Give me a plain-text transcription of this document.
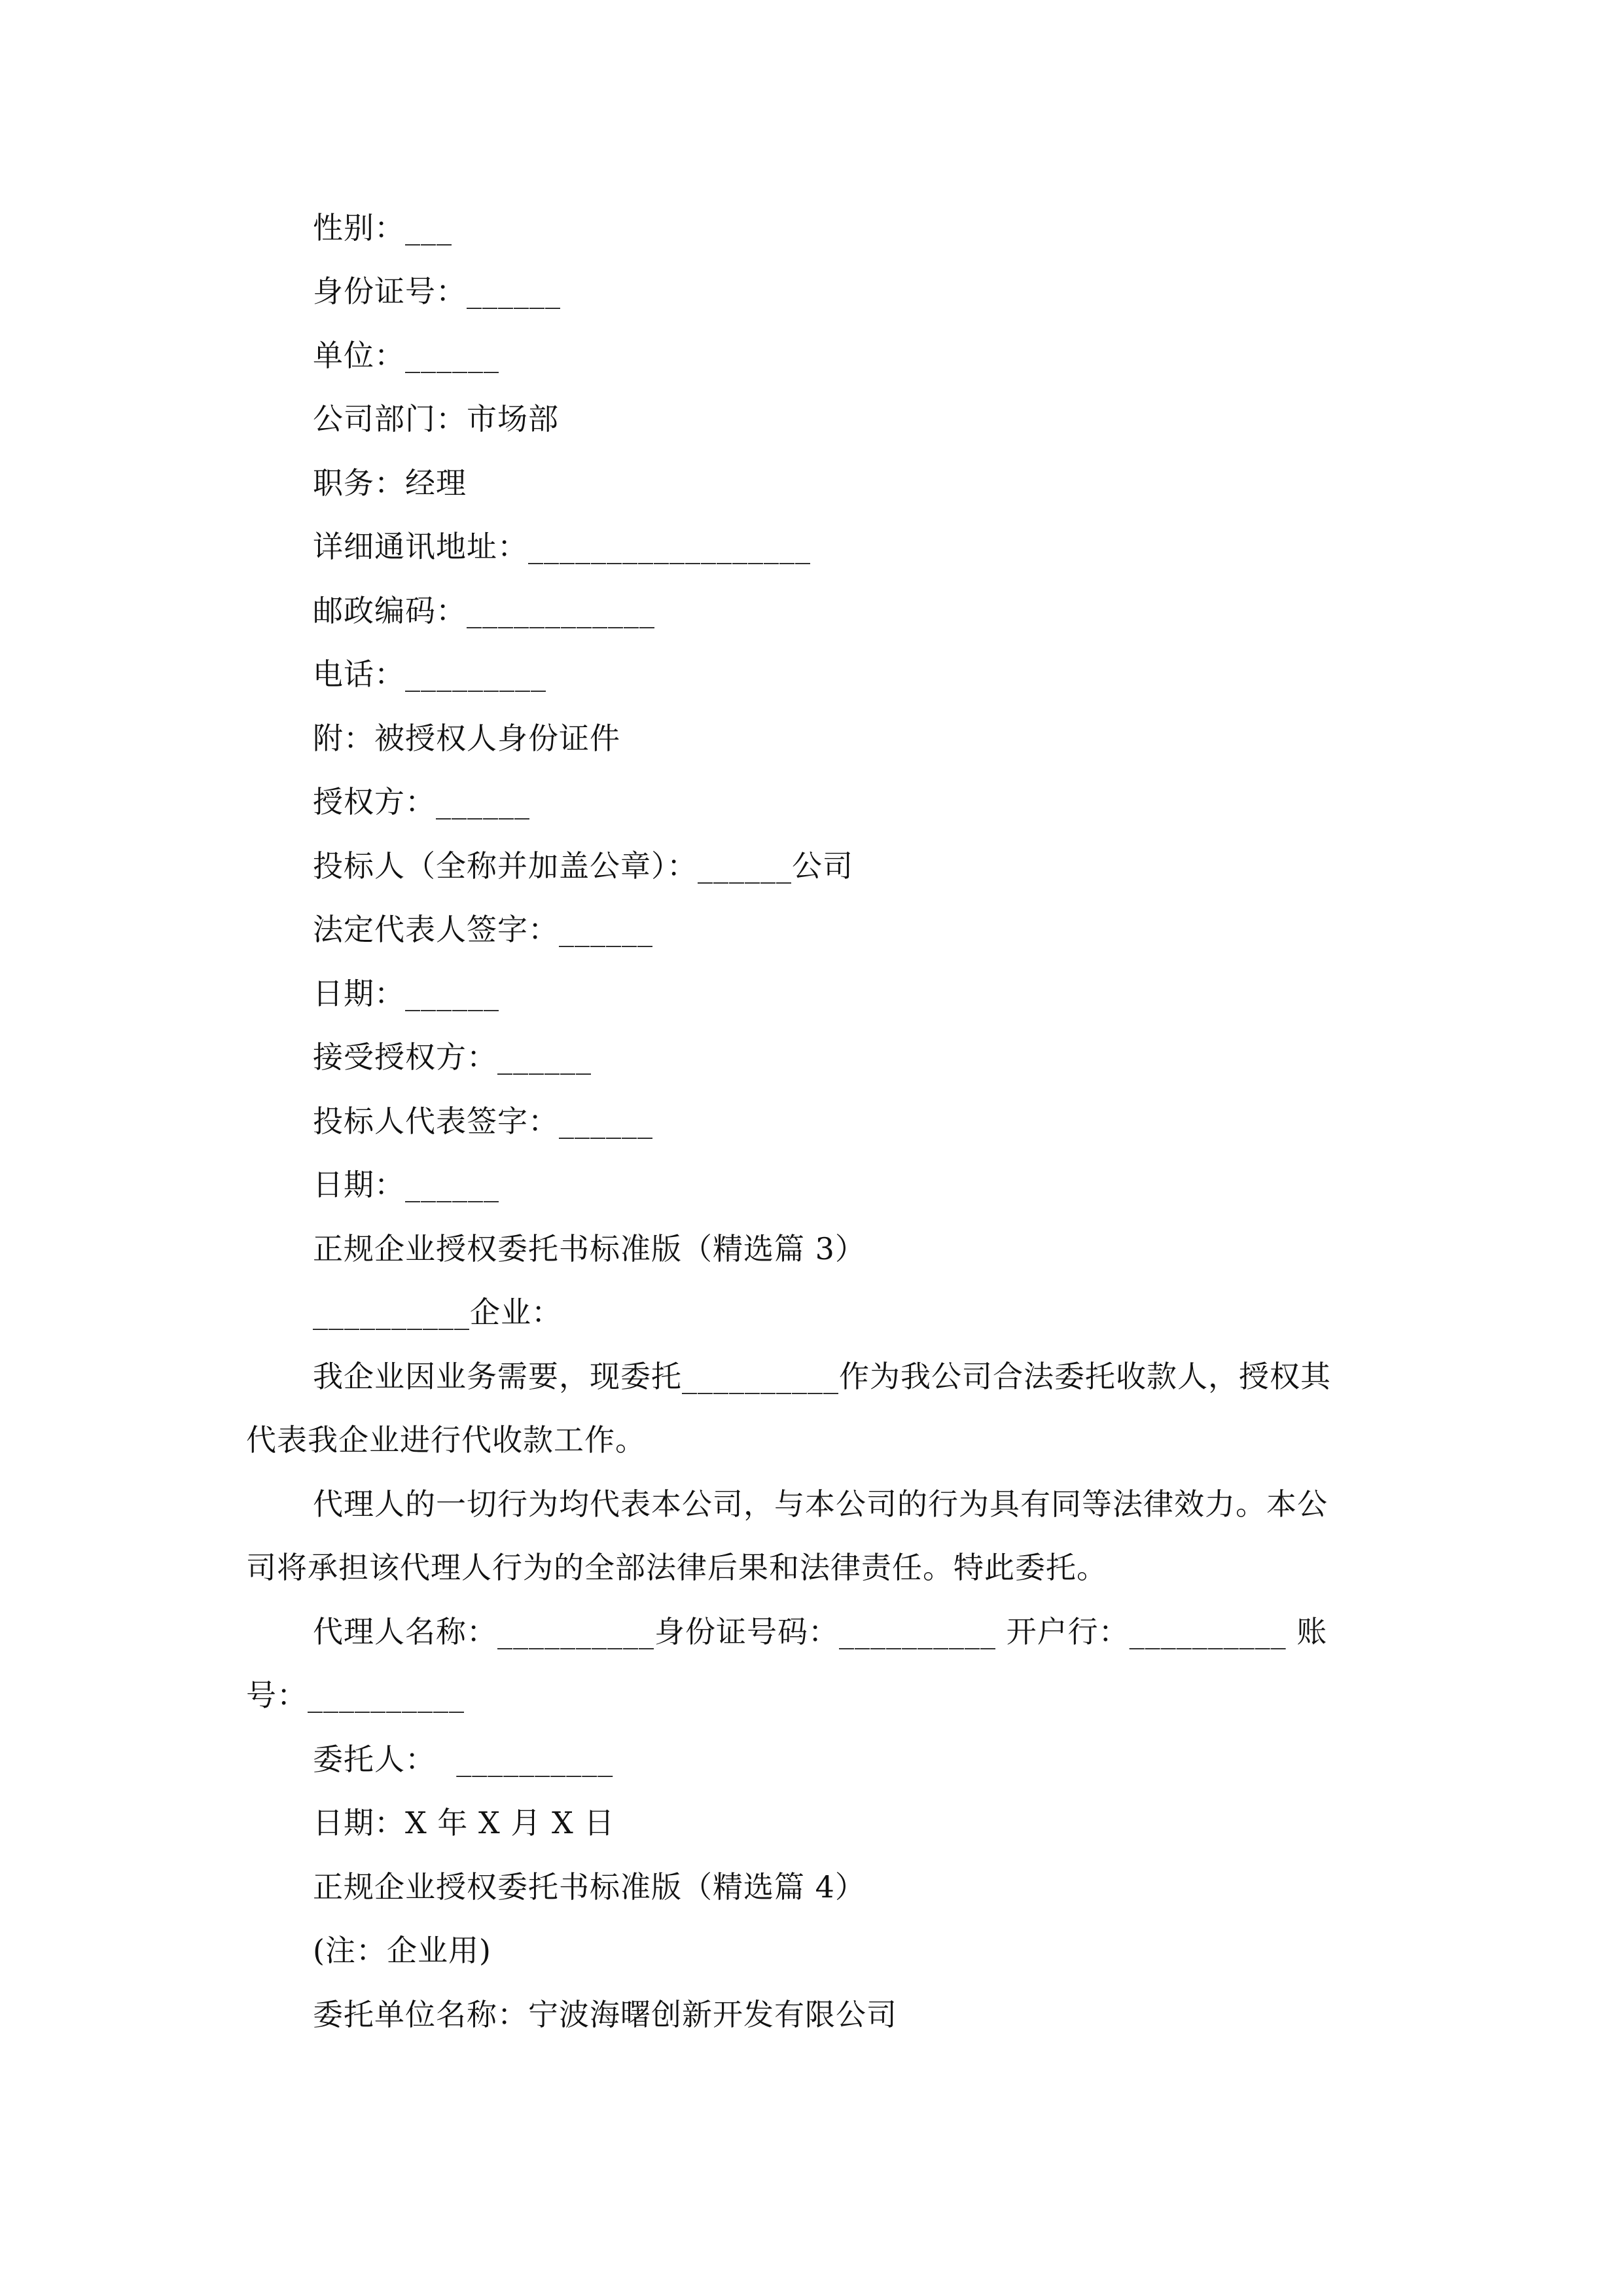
性别：___
身份证号：______
单位：______
公司部门：市场部
职务：经理
详细通讯地址：__________________
邮政编码：____________
电话：_________
附：被授权人身份证件
授权方：______
投标人（全称并加盖公章）：______公司
法定代表人签字：______
日期：______
接受授权方：______
投标人代表签字：______
日期：______
正规企业授权委托书标准版（精选篇 3）
__________企业：
我企业因业务需要，现委托__________作为我公司合法委托收款人，授权其
代表我企业进行代收款工作。
代理人的一切行为均代表本公司，与本公司的行为具有同等法律效力。本公
司将承担该代理人行为的全部法律后果和法律责任。特此委托。
代理人名称：__________身份证号码：__________ 开户行：__________ 账
号：__________
委托人： __________
日期：X 年 X 月 X 日
正规企业授权委托书标准版（精选篇 4）
(注：企业用)
委托单位名称：宁波海曙创新开发有限公司
